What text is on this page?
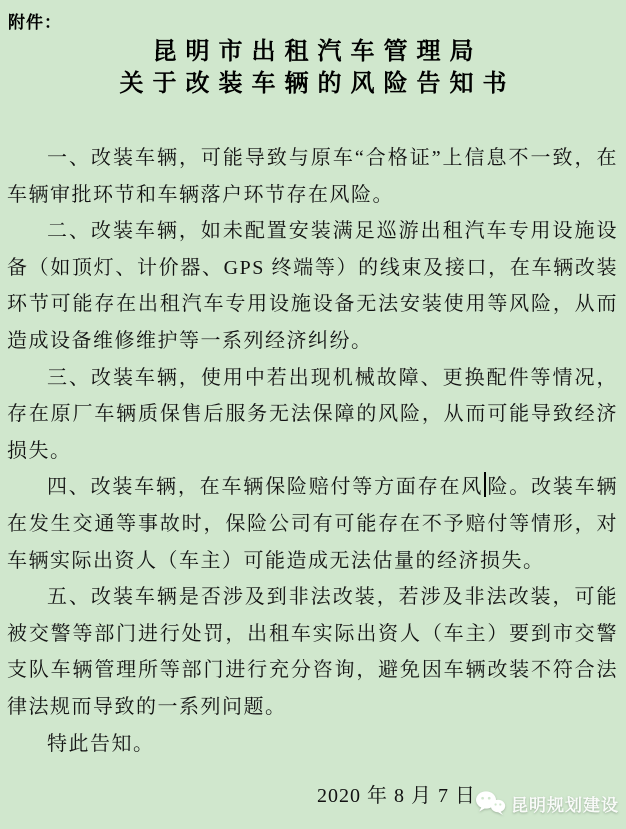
附件：
昆明市出租汽车管理局
关于改装车辆的风险告知书

一、改装车辆，可能导致与原车“合格证”上信息不一致，在车辆审批环节和车辆落户环节存在风险。

二、改装车辆，如未配置安装满足巡游出租汽车专用设施设备（如顶灯、计价器、GPS 终端等）的线束及接口，在车辆改装环节可能存在出租汽车专用设施设备无法安装使用等风险，从而造成设备维修维护等一系列经济纠纷。

三、改装车辆，使用中若出现机械故障、更换配件等情况，存在原厂车辆质保售后服务无法保障的风险，从而可能导致经济损失。

四、改装车辆，在车辆保险赔付等方面存在风 险。改装车辆在发生交通等事故时，保险公司有可能存在不予赔付等情形，对车辆实际出资人（车主）可能造成无法估量的经济损失。

五、改装车辆是否涉及到非法改装，若涉及非法改装，可能被交警等部门进行处罚，出租车实际出资人（车主）要到市交警支队车辆管理所等部门进行充分咨询，避免因车辆改装不符合法律法规而导致的一系列问题。

特此告知。

2020 年 8 月 7 日	昆明规划建设
